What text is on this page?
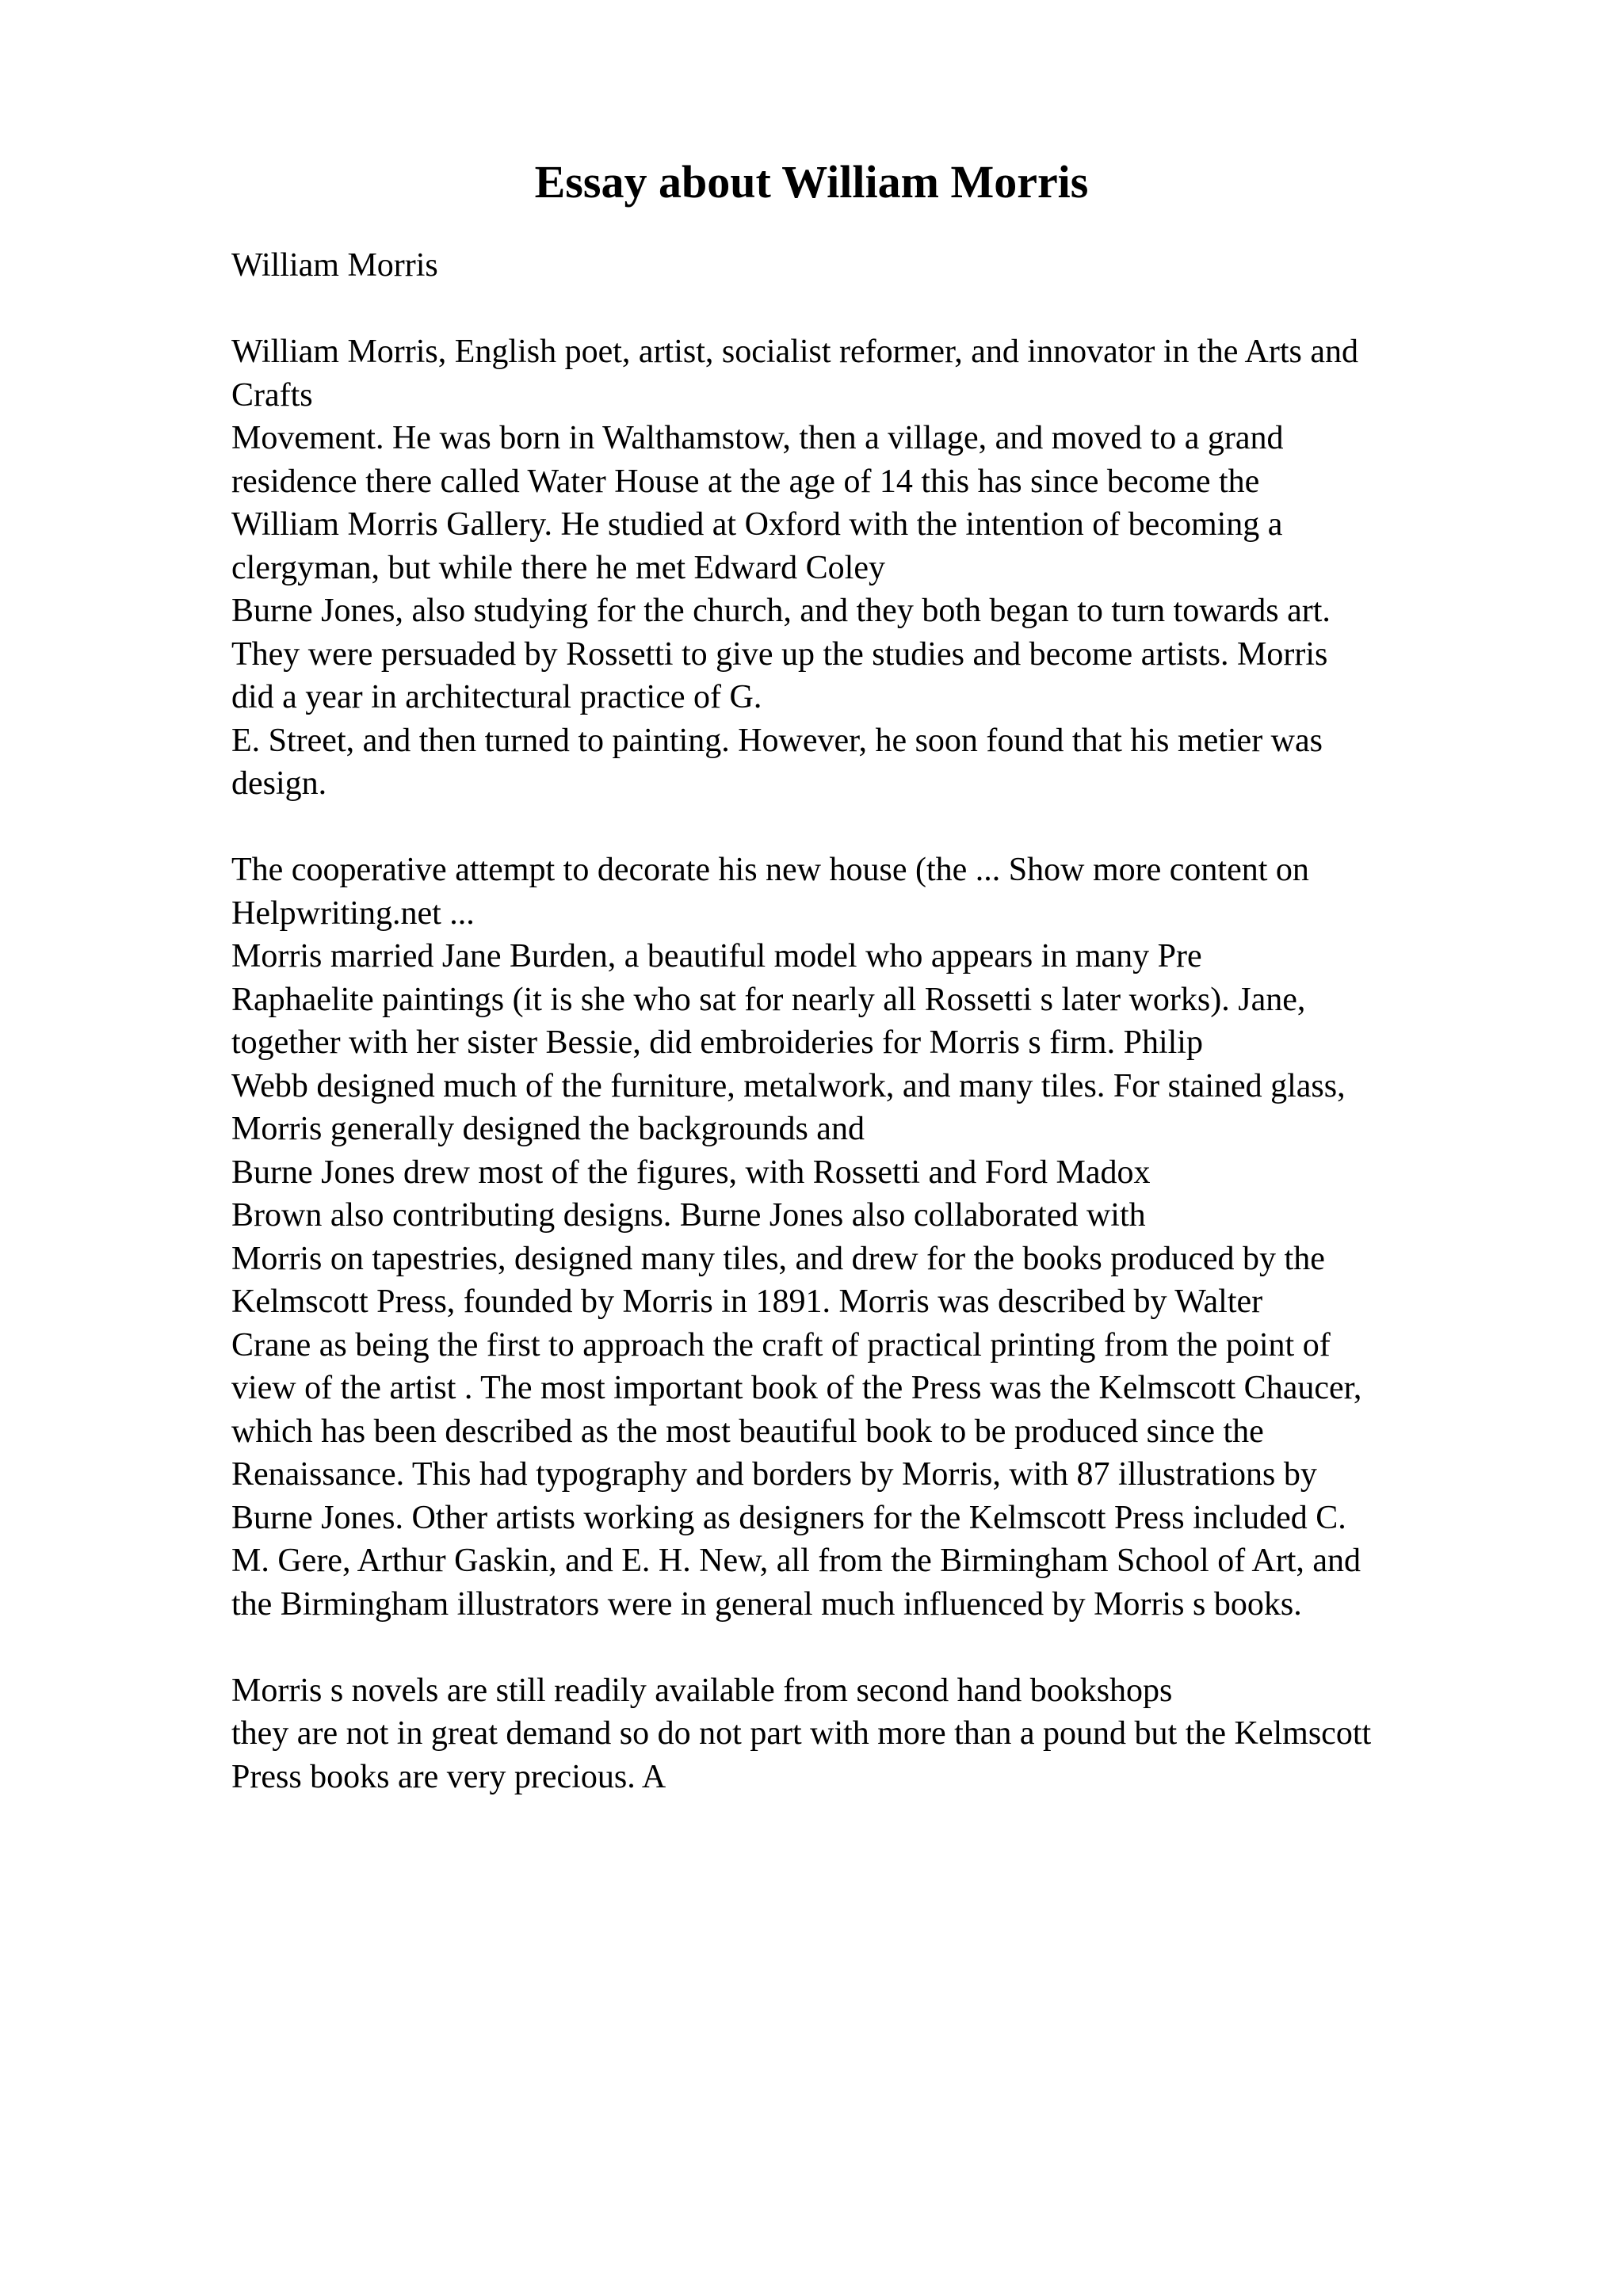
Essay about William Morris
William Morris
William Morris, English poet, artist, socialist reformer, and innovator in the Arts and
Crafts
Movement. He was born in Walthamstow, then a village, and moved to a grand
residence there called Water House at the age of 14 this has since become the
William Morris Gallery. He studied at Oxford with the intention of becoming a
clergyman, but while there he met Edward Coley
Burne Jones, also studying for the church, and they both began to turn towards art.
They were persuaded by Rossetti to give up the studies and become artists. Morris
did a year in architectural practice of G.
E. Street, and then turned to painting. However, he soon found that his metier was
design.
The cooperative attempt to decorate his new house (the ... Show more content on
Helpwriting.net ...
Morris married Jane Burden, a beautiful model who appears in many Pre
Raphaelite paintings (it is she who sat for nearly all Rossetti s later works). Jane,
together with her sister Bessie, did embroideries for Morris s firm. Philip
Webb designed much of the furniture, metalwork, and many tiles. For stained glass,
Morris generally designed the backgrounds and
Burne Jones drew most of the figures, with Rossetti and Ford Madox
Brown also contributing designs. Burne Jones also collaborated with
Morris on tapestries, designed many tiles, and drew for the books produced by the
Kelmscott Press, founded by Morris in 1891. Morris was described by Walter
Crane as being the first to approach the craft of practical printing from the point of
view of the artist . The most important book of the Press was the Kelmscott Chaucer,
which has been described as the most beautiful book to be produced since the
Renaissance. This had typography and borders by Morris, with 87 illustrations by
Burne Jones. Other artists working as designers for the Kelmscott Press included C.
M. Gere, Arthur Gaskin, and E. H. New, all from the Birmingham School of Art, and
the Birmingham illustrators were in general much influenced by Morris s books.
Morris s novels are still readily available from second hand bookshops
they are not in great demand so do not part with more than a pound but the Kelmscott
Press books are very precious. A
